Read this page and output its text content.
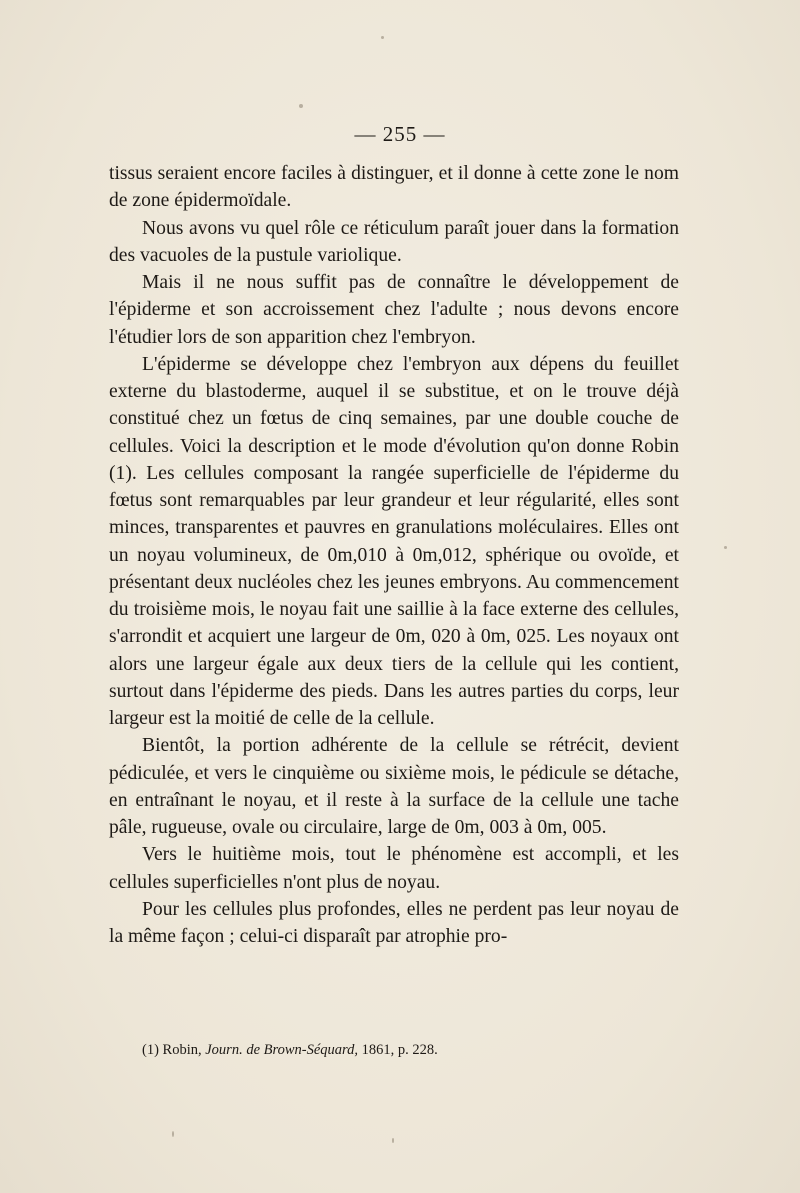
— 255 —

tissus seraient encore faciles à distinguer, et il donne à cette zone le nom de zone épidermoïdale.

Nous avons vu quel rôle ce réticulum paraît jouer dans la formation des vacuoles de la pustule variolique.

Mais il ne nous suffit pas de connaître le développement de l'épiderme et son accroissement chez l'adulte ; nous devons encore l'étudier lors de son apparition chez l'embryon.

L'épiderme se développe chez l'embryon aux dépens du feuillet externe du blastoderme, auquel il se substitue, et on le trouve déjà constitué chez un fœtus de cinq semaines, par une double couche de cellules. Voici la description et le mode d'évolution qu'on donne Robin (1). Les cellules composant la rangée superficielle de l'épiderme du fœtus sont remarquables par leur grandeur et leur régularité, elles sont minces, transparentes et pauvres en granulations moléculaires. Elles ont un noyau volumineux, de 0m,010 à 0m,012, sphérique ou ovoïde, et présentant deux nucléoles chez les jeunes embryons. Au commencement du troisième mois, le noyau fait une saillie à la face externe des cellules, s'arrondit et acquiert une largeur de 0m, 020 à 0m, 025. Les noyaux ont alors une largeur égale aux deux tiers de la cellule qui les contient, surtout dans l'épiderme des pieds. Dans les autres parties du corps, leur largeur est la moitié de celle de la cellule.

Bientôt, la portion adhérente de la cellule se rétrécit, devient pédiculée, et vers le cinquième ou sixième mois, le pédicule se détache, en entraînant le noyau, et il reste à la surface de la cellule une tache pâle, rugueuse, ovale ou circulaire, large de 0m, 003 à 0m, 005.

Vers le huitième mois, tout le phénomène est accompli, et les cellules superficielles n'ont plus de noyau.

Pour les cellules plus profondes, elles ne perdent pas leur noyau de la même façon ; celui-ci disparaît par atrophie pro-

(1) Robin, Journ. de Brown-Séquard, 1861, p. 228.
